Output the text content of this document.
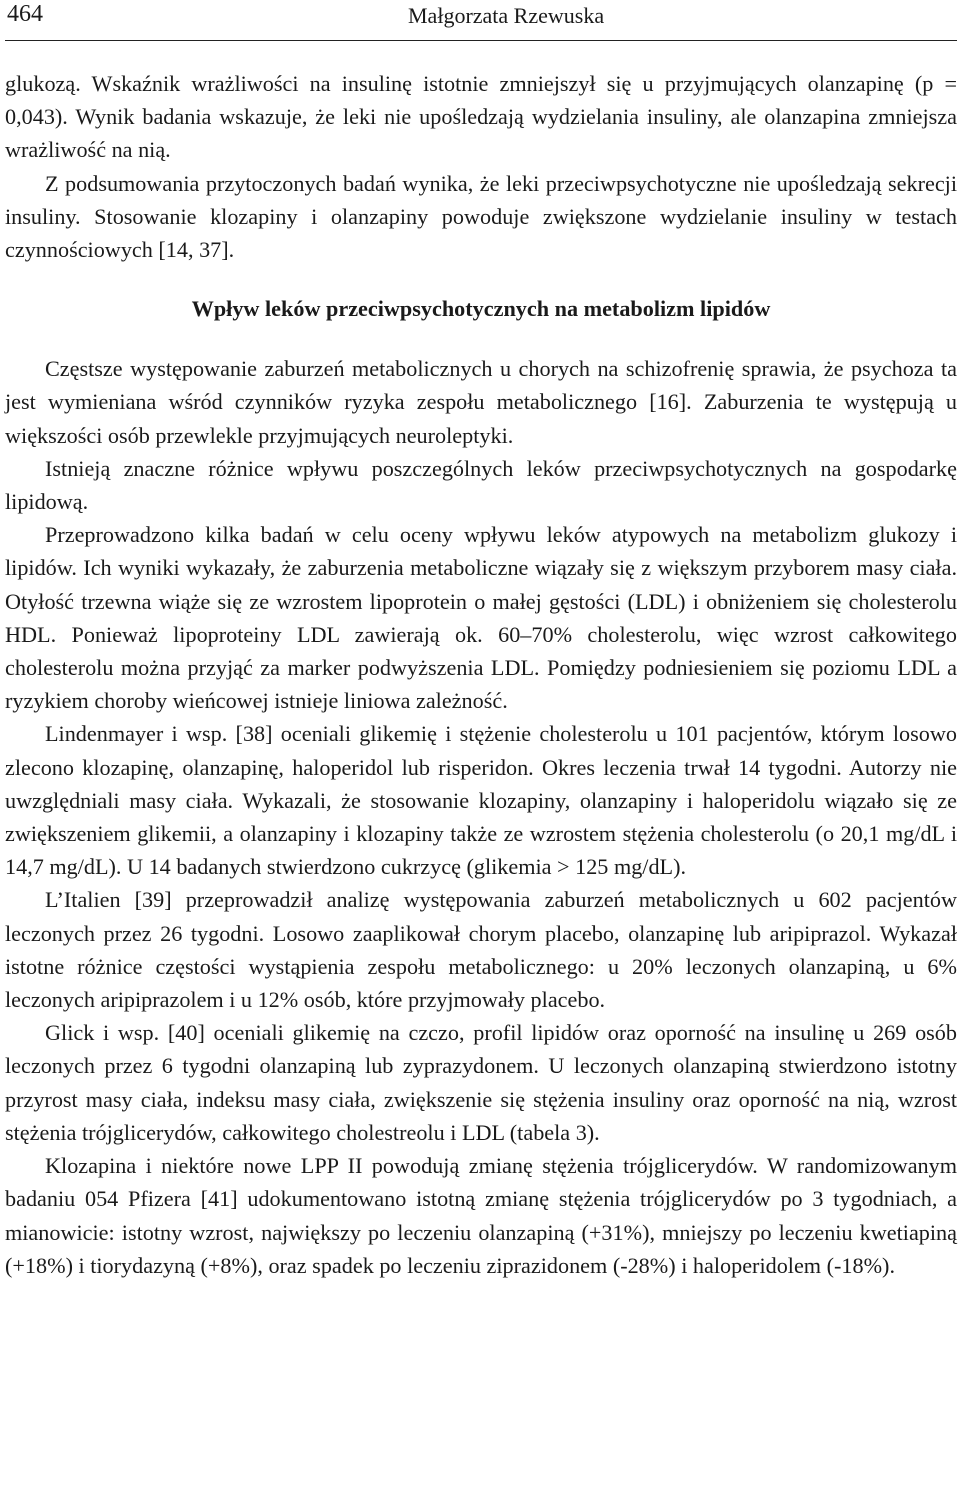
464	Małgorzata Rzewuska

glukozą. Wskaźnik wrażliwości na insulinę istotnie zmniejszył się u przyjmujących olanzapinę (p = 0,043). Wynik badania wskazuje, że leki nie upośledzają wydzielania insuliny, ale olanzapina zmniejsza wrażliwość na nią.

Z podsumowania przytoczonych badań wynika, że leki przeciwpsychotyczne nie upośledzają sekrecji insuliny. Stosowanie klozapiny i olanzapiny powoduje zwiększone wydzielanie insuliny w testach czynnościowych [14, 37].

Wpływ leków przeciwpsychotycznych na metabolizm lipidów

Częstsze występowanie zaburzeń metabolicznych u chorych na schizofrenię sprawia, że psychoza ta jest wymieniana wśród czynników ryzyka zespołu metabolicznego [16]. Zaburzenia te występują u większości osób przewlekle przyjmujących neuroleptyki.

Istnieją znaczne różnice wpływu poszczególnych leków przeciwpsychotycznych na gospodarkę lipidową.

Przeprowadzono kilka badań w celu oceny wpływu leków atypowych na metabolizm glukozy i lipidów. Ich wyniki wykazały, że zaburzenia metaboliczne wiązały się z większym przyborem masy ciała. Otyłość trzewna wiąże się ze wzrostem lipoprotein o małej gęstości (LDL) i obniżeniem się cholesterolu HDL. Ponieważ lipoproteiny LDL zawierają ok. 60–70% cholesterolu, więc wzrost całkowitego cholesterolu można przyjąć za marker podwyższenia LDL. Pomiędzy podniesieniem się poziomu LDL a ryzykiem choroby wieńcowej istnieje liniowa zależność.

Lindenmayer i wsp. [38] oceniali glikemię i stężenie cholesterolu u 101 pacjentów, którym losowo zlecono klozapinę, olanzapinę, haloperidol lub risperidon. Okres leczenia trwał 14 tygodni. Autorzy nie uwzględniali masy ciała. Wykazali, że stosowanie klozapiny, olanzapiny i haloperidolu wiązało się ze zwiększeniem glikemii, a olanzapiny i klozapiny także ze wzrostem stężenia cholesterolu (o 20,1 mg/dL i 14,7 mg/dL). U 14 badanych stwierdzono cukrzycę (glikemia > 125 mg/dL).

L’Italien [39] przeprowadził analizę występowania zaburzeń metabolicznych u 602 pacjentów leczonych przez 26 tygodni. Losowo zaaplikował chorym placebo, olanzapinę lub aripiprazol. Wykazał istotne różnice częstości wystąpienia zespołu metabolicznego: u 20% leczonych olanzapiną, u 6% leczonych aripiprazolem i u 12% osób, które przyjmowały placebo.

Glick i wsp. [40] oceniali glikemię na czczo, profil lipidów oraz oporność na insulinę u 269 osób leczonych przez 6 tygodni olanzapiną lub zyprazydonem. U leczonych olanzapiną stwierdzono istotny przyrost masy ciała, indeksu masy ciała, zwiększenie się stężenia insuliny oraz oporność na nią, wzrost stężenia trójglicerydów, całkowitego cholestreolu i LDL (tabela 3).

Klozapina i niektóre nowe LPP II powodują zmianę stężenia trójglicerydów. W randomizowanym badaniu 054 Pfizera [41] udokumentowano istotną zmianę stężenia trójglicerydów po 3 tygodniach, a mianowicie: istotny wzrost, największy po leczeniu olanzapiną (+31%), mniejszy po leczeniu kwetiapiną (+18%) i tiorydazyną (+8%), oraz spadek po leczeniu ziprazidonem (-28%) i haloperidolem (-18%).
